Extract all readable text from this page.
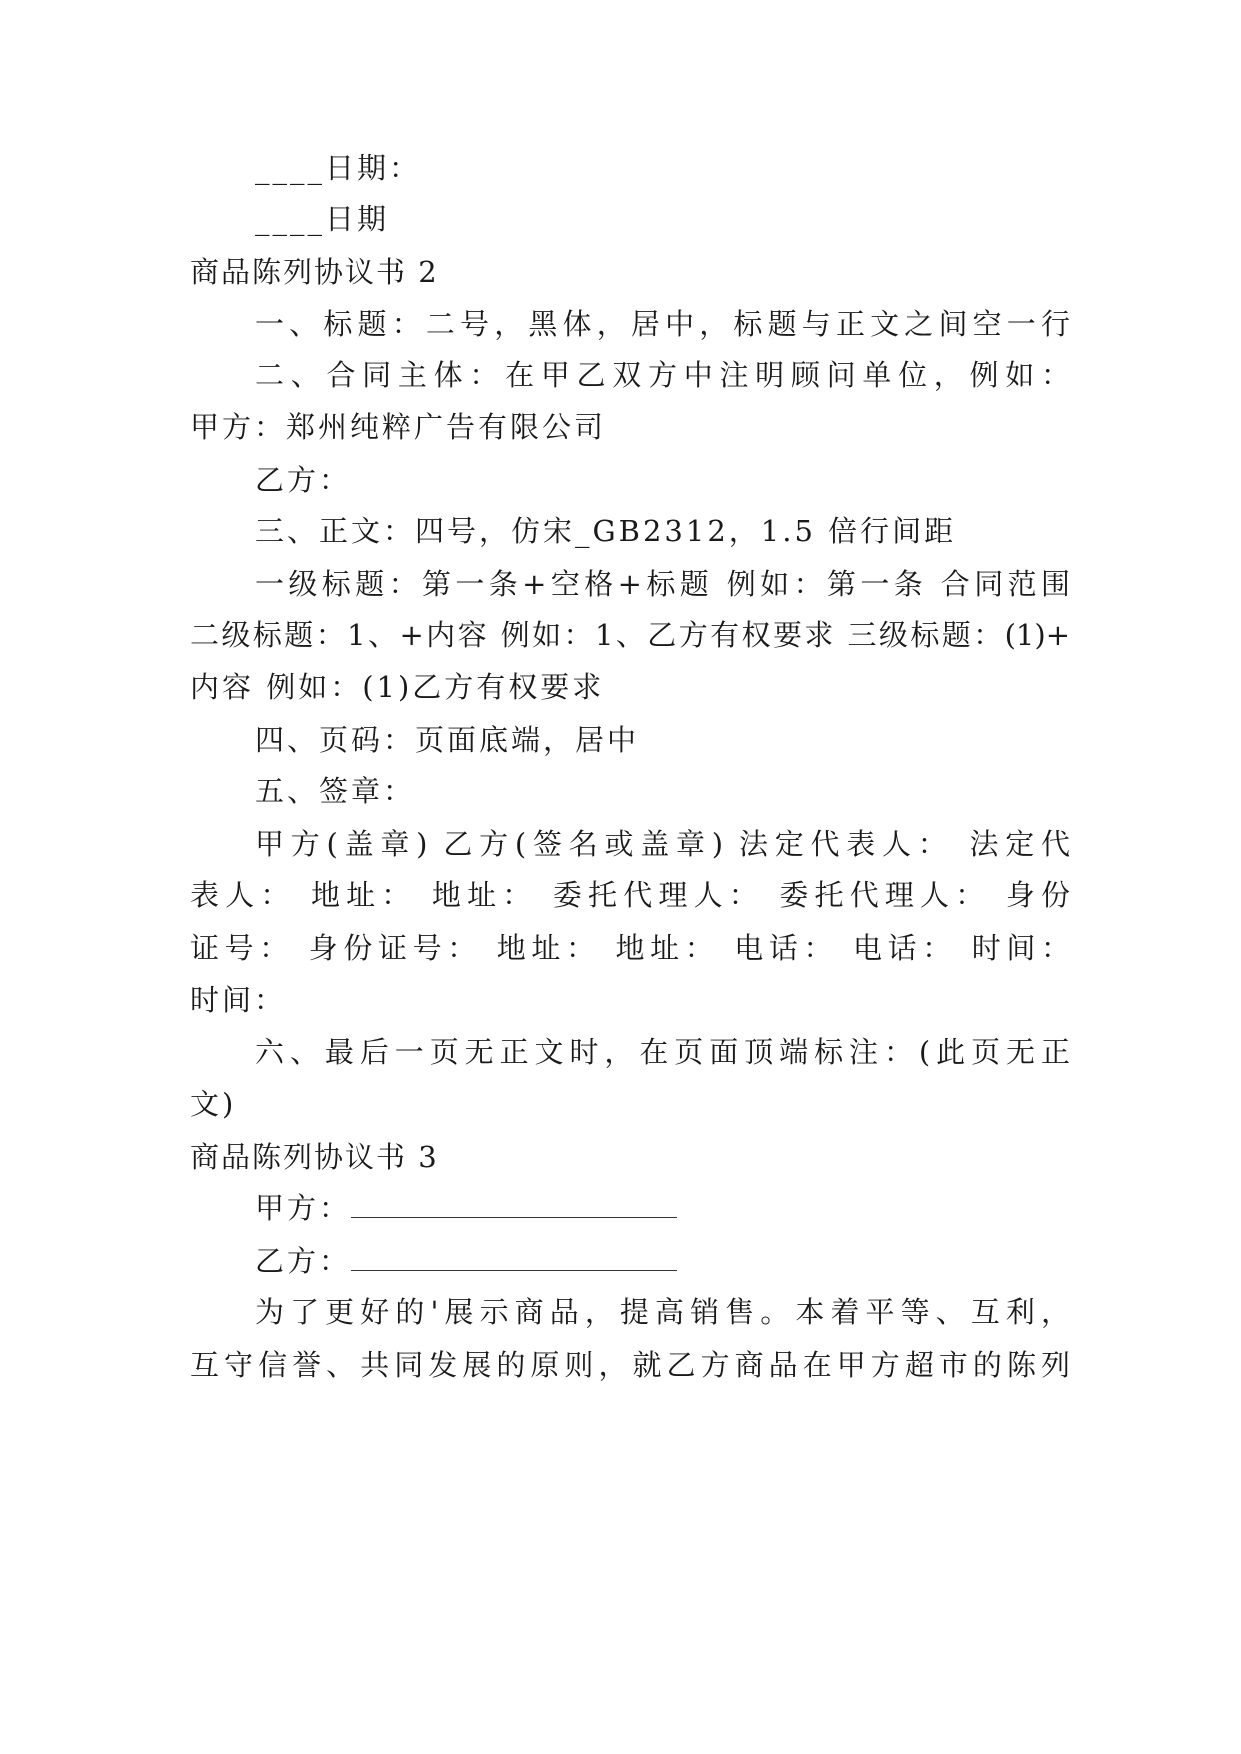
____日期：
____日期
商品陈列协议书 2
一、标题：二号，黑体，居中，标题与正文之间空一行
二、合同主体：在甲乙双方中注明顾问单位，例如：
甲方：郑州纯粹广告有限公司
乙方：
三、正文：四号，仿宋_GB2312，1.5 倍行间距
一级标题：第一条+空格+标题 例如：第一条 合同范围
二级标题：1、+内容 例如：1、乙方有权要求 三级标题：(1)+
内容 例如：(1)乙方有权要求
四、页码：页面底端，居中
五、签章：
甲方(盖章) 乙方(签名或盖章) 法定代表人： 法定代
表人： 地址： 地址： 委托代理人： 委托代理人： 身份
证号： 身份证号： 地址： 地址： 电话： 电话： 时间：
时间：
六、最后一页无正文时，在页面顶端标注：(此页无正
文)
商品陈列协议书 3
甲方：
乙方：
为了更好的'展示商品，提高销售。本着平等、互利，
互守信誉、共同发展的原则，就乙方商品在甲方超市的陈列
